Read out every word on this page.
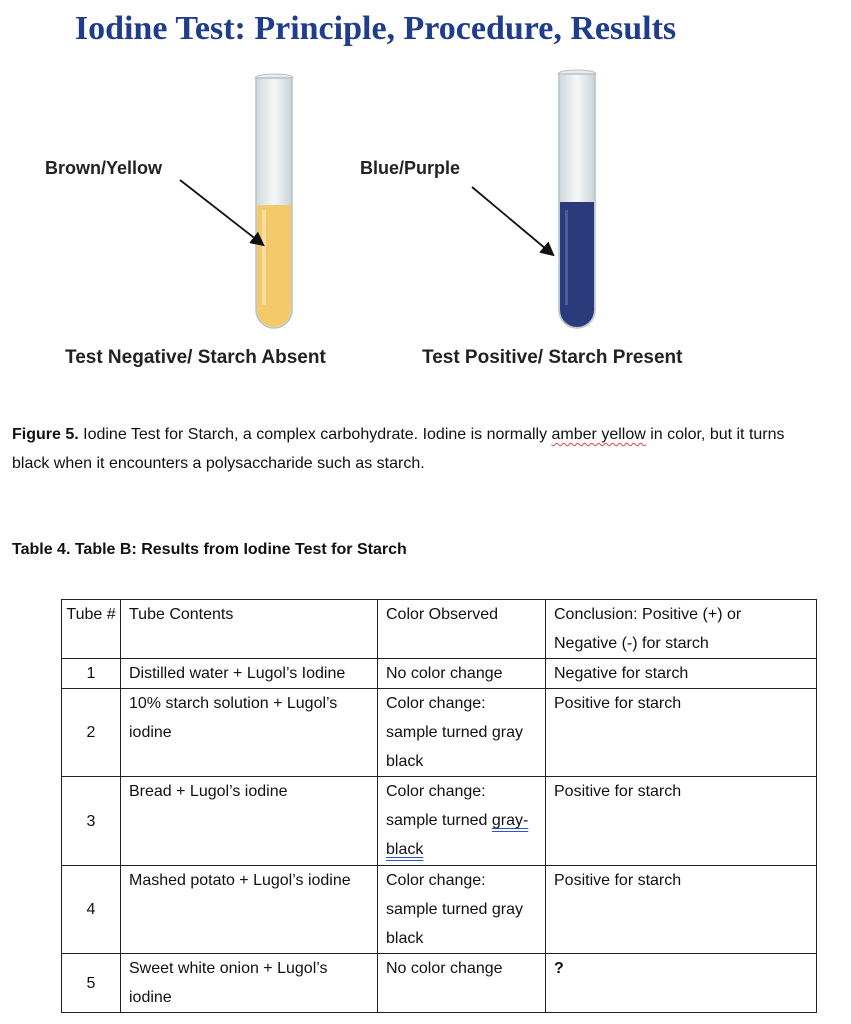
Iodine Test: Principle, Procedure, Results
Brown/Yellow	Blue/Purple
Test Negative/ Starch Absent	Test Positive/ Starch Present
Figure 5. Iodine Test for Starch, a complex carbohydrate. Iodine is normally amber yellow in color, but it turns black when it encounters a polysaccharide such as starch.
Table 4. Table B: Results from Iodine Test for Starch
Tube #	Tube Contents	Color Observed	Conclusion: Positive (+) or Negative (-) for starch
1	Distilled water + Lugol’s Iodine	No color change	Negative for starch
2	10% starch solution + Lugol’s iodine	Color change: sample turned gray black	Positive for starch
3	Bread + Lugol’s iodine	Color change: sample turned gray-black	Positive for starch
4	Mashed potato + Lugol’s iodine	Color change: sample turned gray black	Positive for starch
5	Sweet white onion + Lugol’s iodine	No color change	?
